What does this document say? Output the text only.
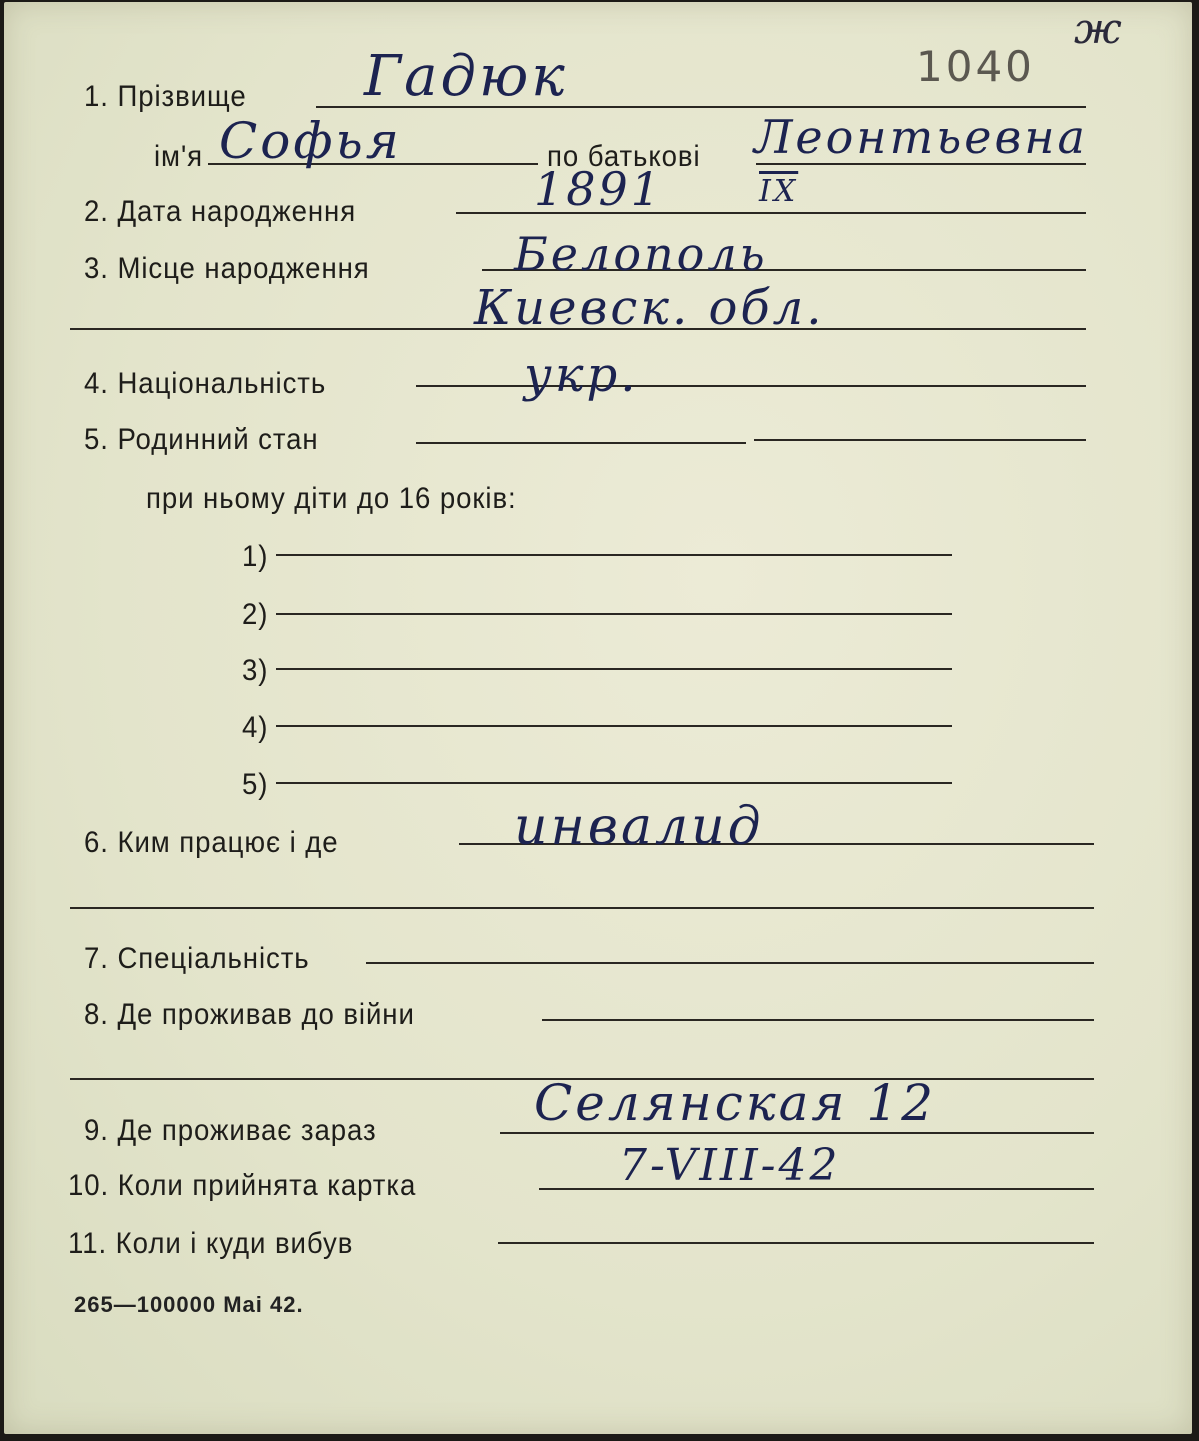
ж
1040
1. Прізвище Гадюк
ім'я Софья	по батькові Леонтьевна
2. Дата народження	1891	$\overline{IX}$
3. Місце народження	Белополь
Киевск. обл.
4. Національність	укр.
5. Родинний стан
при ньому діти до 16 років:
1)
2)
3)
4)
5)
6. Ким працює і де	инвалид
7. Спеціальність
8. Де проживав до війни
9. Де проживає зараз	Селянская 12
10. Коли прийнята картка	7-VIII-42
11. Коли і куди вибув
265—100000 Mai 42.
